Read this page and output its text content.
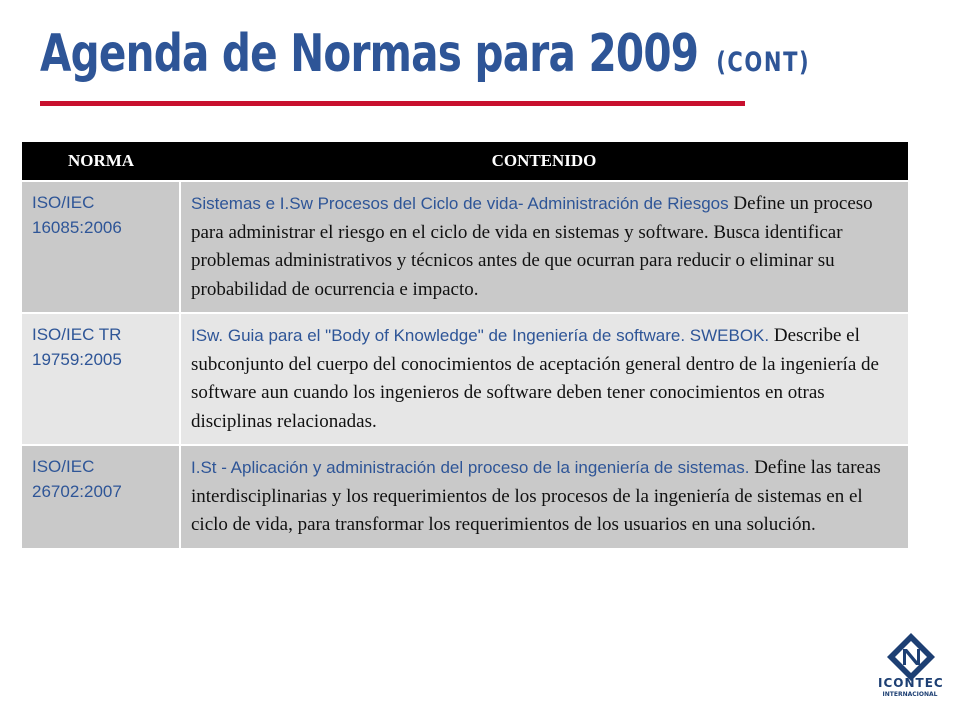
Agenda de Normas para 2009 (CONT)
NORMA	CONTENIDO
ISO/IEC 16085:2006	Sistemas e I.Sw Procesos del Ciclo de vida- Administración de Riesgos Define un proceso para administrar el riesgo en el ciclo de vida en sistemas y software. Busca identificar problemas administrativos y técnicos antes de que ocurran para reducir o eliminar su probabilidad de ocurrencia e impacto.
ISO/IEC TR 19759:2005	ISw. Guia para el "Body of Knowledge" de Ingeniería de software. SWEBOK. Describe el subconjunto del cuerpo del conocimientos de aceptación general dentro de la ingeniería de software aun cuando los ingenieros de software deben tener conocimientos en otras disciplinas relacionadas.
ISO/IEC 26702:2007	I.St - Aplicación y administración del proceso de la ingeniería de sistemas. Define las tareas interdisciplinarias y los requerimientos de los procesos de la ingeniería de sistemas en el ciclo de vida, para transformar los requerimientos de los usuarios en una solución.
ICONTEC
INTERNACIONAL
